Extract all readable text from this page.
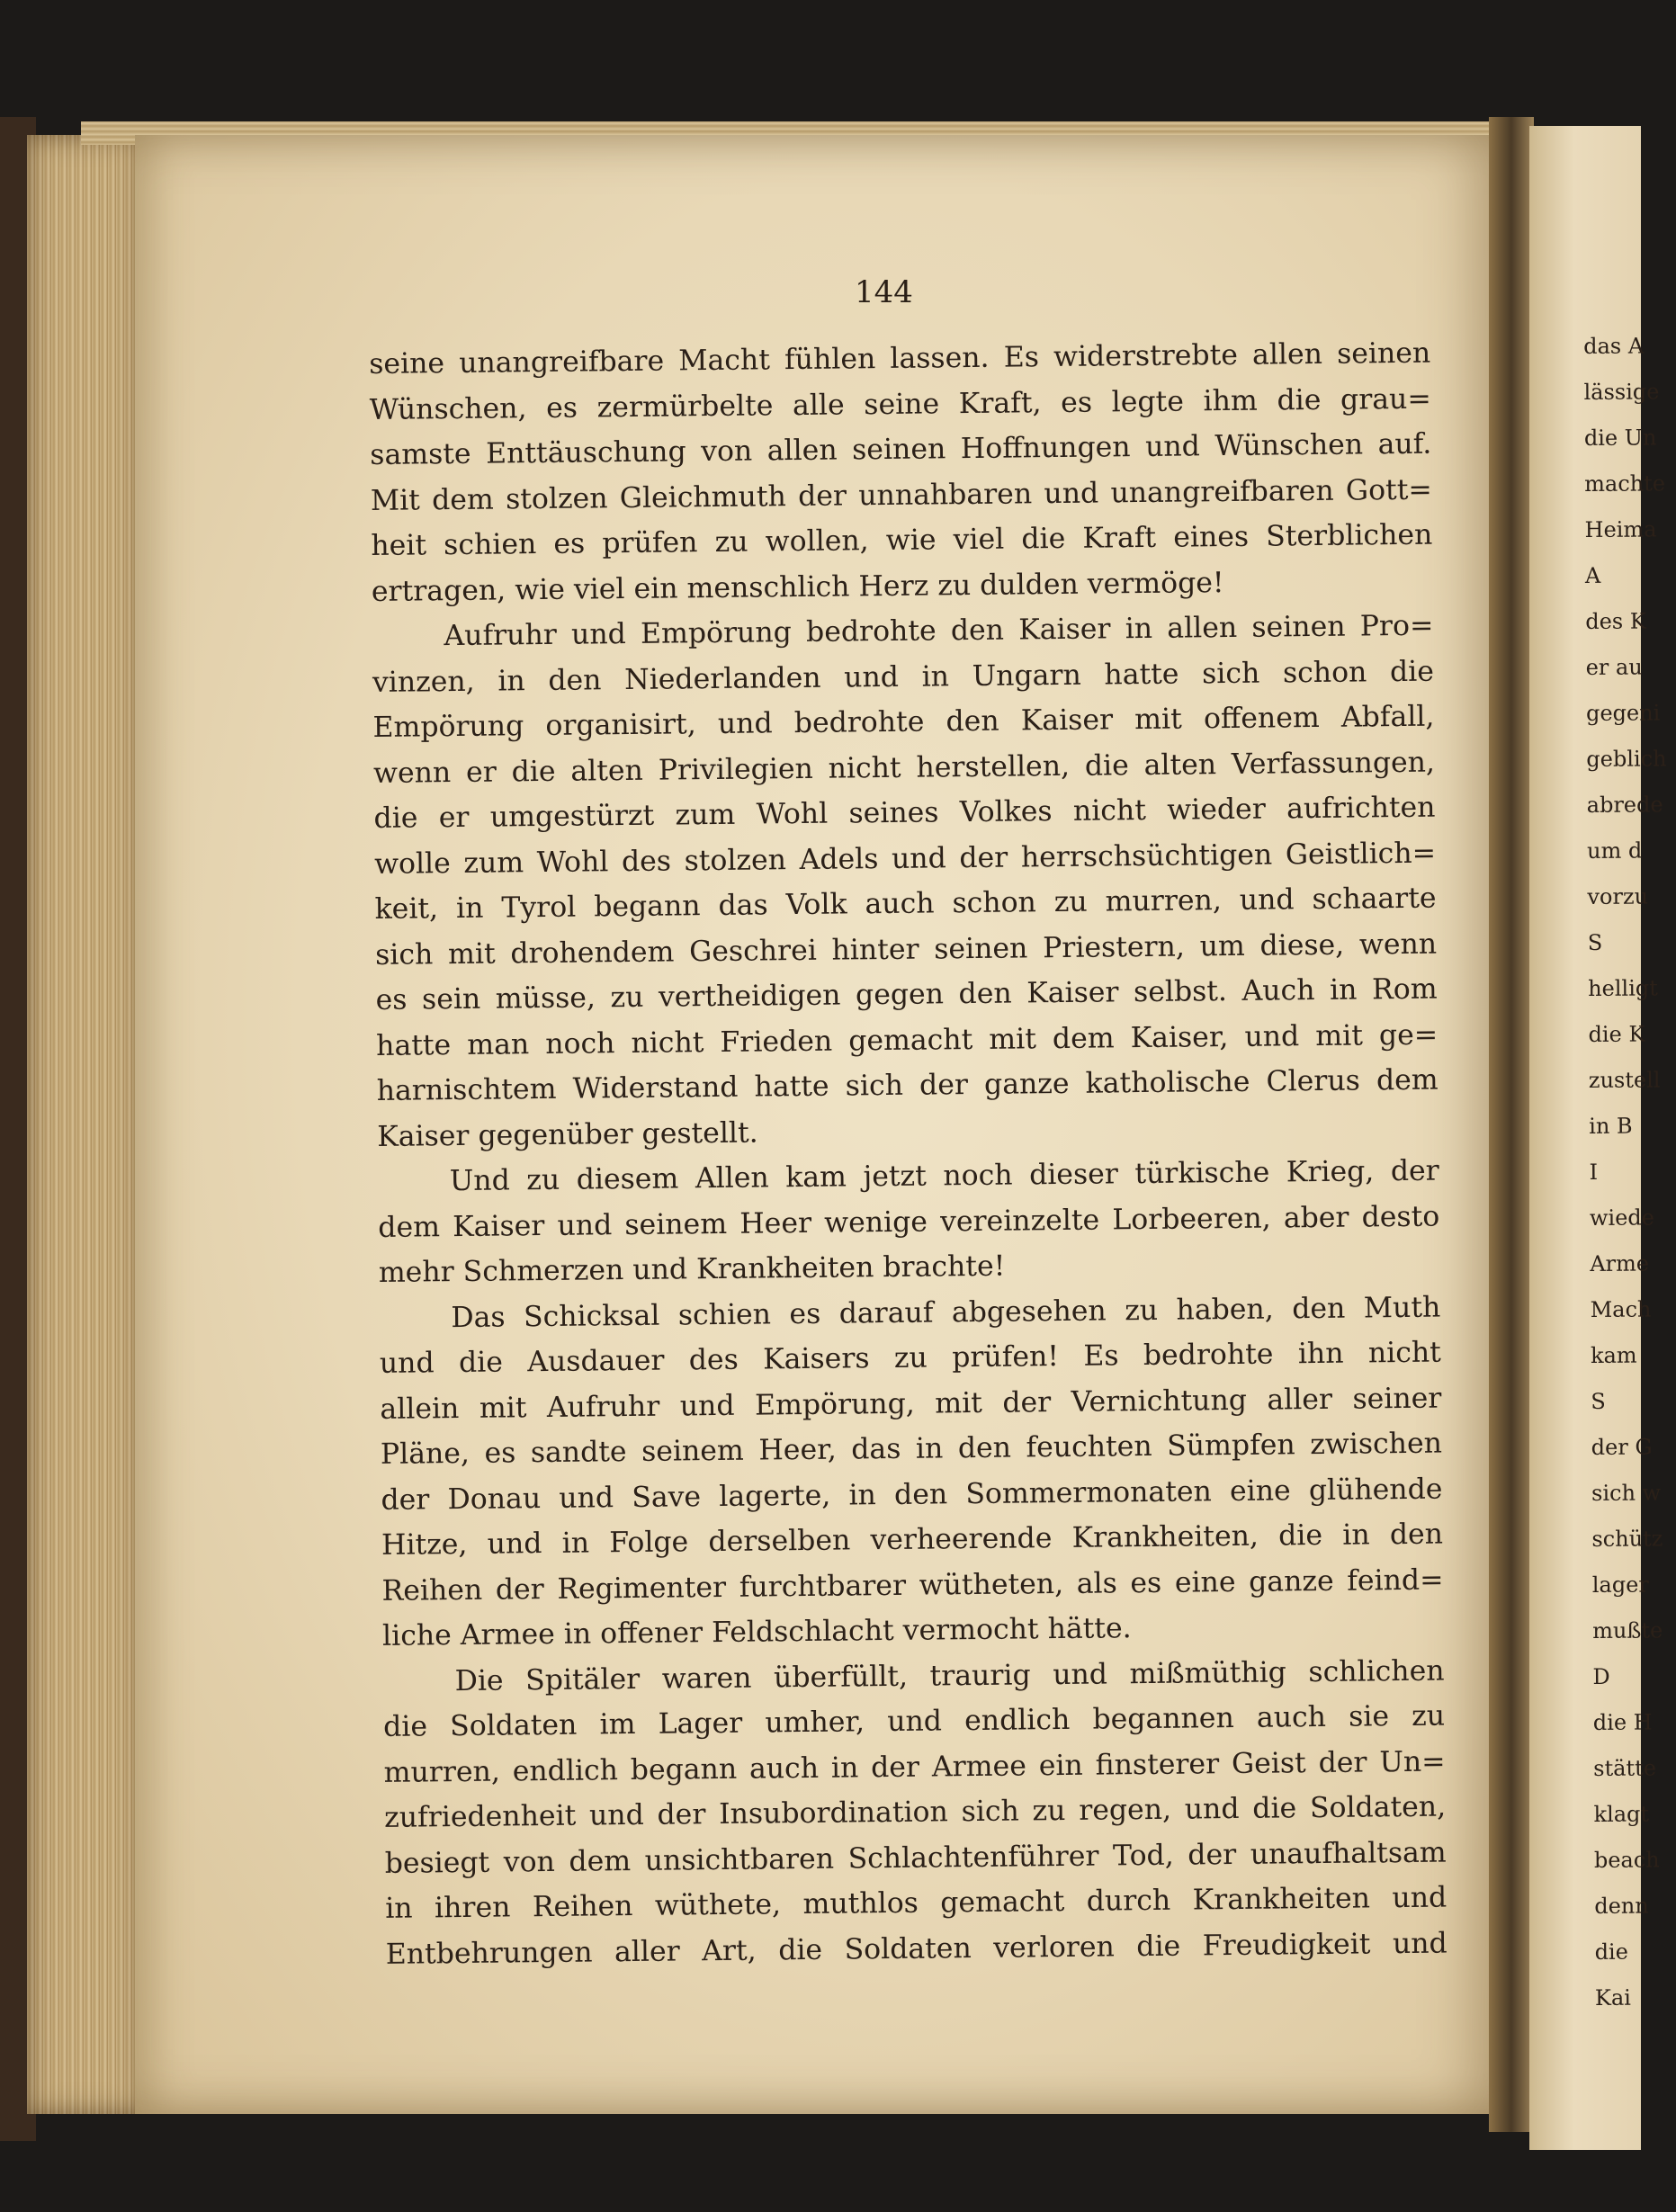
144

seine unangreifbare Macht fühlen lassen. Es widerstrebte allen seinen
Wünschen, es zermürbelte alle seine Kraft, es legte ihm die grau=
samste Enttäuschung von allen seinen Hoffnungen und Wünschen auf.
Mit dem stolzen Gleichmuth der unnahbaren und unangreifbaren Gott=
heit schien es prüfen zu wollen, wie viel die Kraft eines Sterblichen
ertragen, wie viel ein menschlich Herz zu dulden vermöge!

Aufruhr und Empörung bedrohte den Kaiser in allen seinen Pro=
vinzen, in den Niederlanden und in Ungarn hatte sich schon die
Empörung organisirt, und bedrohte den Kaiser mit offenem Abfall,
wenn er die alten Privilegien nicht herstellen, die alten Verfassungen,
die er umgestürzt zum Wohl seines Volkes nicht wieder aufrichten
wolle zum Wohl des stolzen Adels und der herrschsüchtigen Geistlich=
keit, in Tyrol begann das Volk auch schon zu murren, und schaarte
sich mit drohendem Geschrei hinter seinen Priestern, um diese, wenn
es sein müsse, zu vertheidigen gegen den Kaiser selbst. Auch in Rom
hatte man noch nicht Frieden gemacht mit dem Kaiser, und mit ge=
harnischtem Widerstand hatte sich der ganze katholische Clerus dem
Kaiser gegenüber gestellt.

Und zu diesem Allen kam jetzt noch dieser türkische Krieg, der
dem Kaiser und seinem Heer wenige vereinzelte Lorbeeren, aber desto
mehr Schmerzen und Krankheiten brachte!

Das Schicksal schien es darauf abgesehen zu haben, den Muth
und die Ausdauer des Kaisers zu prüfen! Es bedrohte ihn nicht
allein mit Aufruhr und Empörung, mit der Vernichtung aller seiner
Pläne, es sandte seinem Heer, das in den feuchten Sümpfen zwischen
der Donau und Save lagerte, in den Sommermonaten eine glühende
Hitze, und in Folge derselben verheerende Krankheiten, die in den
Reihen der Regimenter furchtbarer wütheten, als es eine ganze feind=
liche Armee in offener Feldschlacht vermocht hätte.

Die Spitäler waren überfüllt, traurig und mißmüthig schlichen
die Soldaten im Lager umher, und endlich begannen auch sie zu
murren, endlich begann auch in der Armee ein finsterer Geist der Un=
zufriedenheit und der Insubordination sich zu regen, und die Soldaten,
besiegt von dem unsichtbaren Schlachtenführer Tod, der unaufhaltsam
in ihren Reihen wüthete, muthlos gemacht durch Krankheiten und
Entbehrungen aller Art, die Soldaten verloren die Freudigkeit und

das A
lässige
die Un
machte
Heima
A
des K
er au
gegeni
geblich
abrede
um d
vorzu
S
helligt
die K
zustell
in B
I
wiede
Arme
Mach
kam
S
der G
sich w
schütz
lager
mußte
D
die H
stätte
klagt
beach
denn
die
Kai
